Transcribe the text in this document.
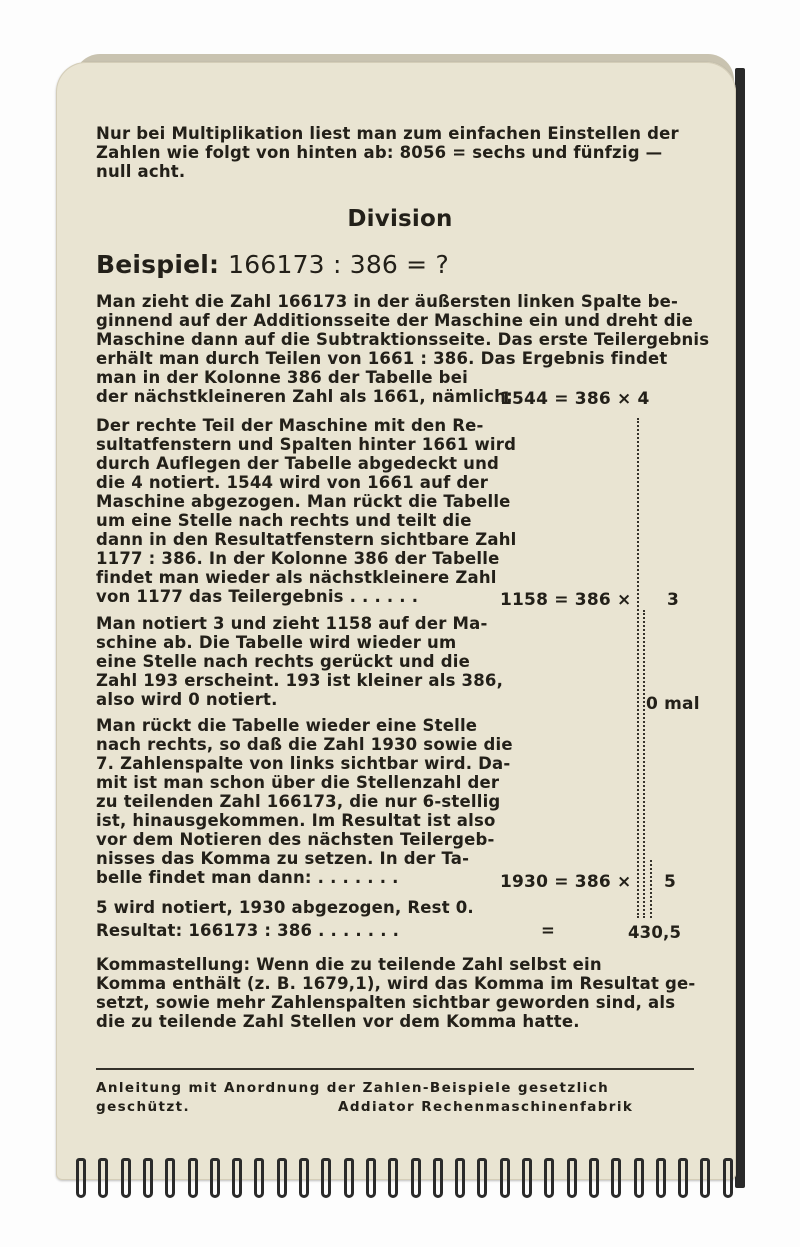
Nur bei Multiplikation liest man zum einfachen Einstellen der
Zahlen wie folgt von hinten ab: 8056 = sechs und fünfzig —
null acht.
Division
Beispiel: 166173 : 386 = ?
Man zieht die Zahl 166173 in der äußersten linken Spalte be-
ginnend auf der Additionsseite der Maschine ein und dreht die
Maschine dann auf die Subtraktionsseite. Das erste Teilergebnis
erhält man durch Teilen von 1661 : 386. Das Ergebnis findet
man in der Kolonne 386 der Tabelle bei
der nächstkleineren Zahl als 1661, nämlich:
1544 = 386 × 4
Der rechte Teil der Maschine mit den Re-
sultatfenstern und Spalten hinter 1661 wird
durch Auflegen der Tabelle abgedeckt und
die 4 notiert. 1544 wird von 1661 auf der
Maschine abgezogen. Man rückt die Tabelle
um eine Stelle nach rechts und teilt die
dann in den Resultatfenstern sichtbare Zahl
1177 : 386. In der Kolonne 386 der Tabelle
findet man wieder als nächstkleinere Zahl
von 1177 das Teilergebnis . . . . . .	1158 = 386 × 3
Man notiert 3 und zieht 1158 auf der Ma-
schine ab. Die Tabelle wird wieder um
eine Stelle nach rechts gerückt und die
Zahl 193 erscheint. 193 ist kleiner als 386,
also wird 0 notiert.	0 mal
Man rückt die Tabelle wieder eine Stelle
nach rechts, so daß die Zahl 1930 sowie die
7. Zahlenspalte von links sichtbar wird. Da-
mit ist man schon über die Stellenzahl der
zu teilenden Zahl 166173, die nur 6-stellig
ist, hinausgekommen. Im Resultat ist also
vor dem Notieren des nächsten Teilergeb-
nisses das Komma zu setzen. In der Ta-
belle findet man dann: . . . . . . .	1930 = 386 × 5
5 wird notiert, 1930 abgezogen, Rest 0.
Resultat: 166173 : 386 . . . . . . .	=	430,5
Kommastellung: Wenn die zu teilende Zahl selbst ein
Komma enthält (z. B. 1679,1), wird das Komma im Resultat ge-
setzt, sowie mehr Zahlenspalten sichtbar geworden sind, als
die zu teilende Zahl Stellen vor dem Komma hatte.
Anleitung mit Anordnung der Zahlen-Beispiele gesetzlich
geschützt.	Addiator Rechenmaschinenfabrik
